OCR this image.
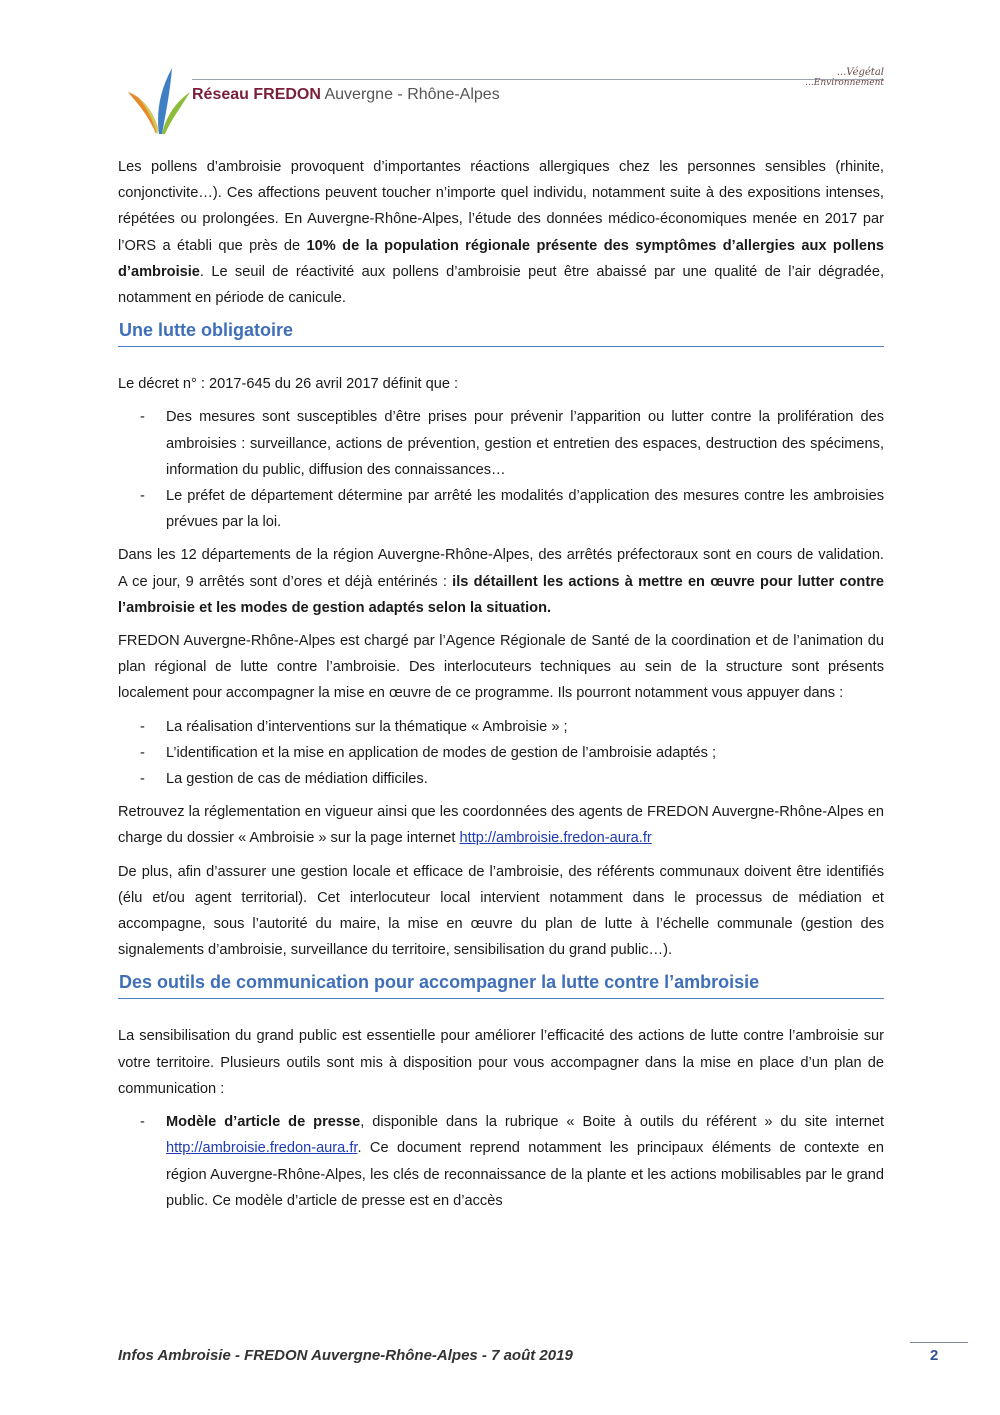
Réseau FREDON Auvergne - Rhône-Alpes
...Végétal
...Environnement

Les pollens d’ambroisie provoquent d’importantes réactions allergiques chez les personnes sensibles (rhinite, conjonctivite…). Ces affections peuvent toucher n’importe quel individu, notamment suite à des expositions intenses, répétées ou prolongées. En Auvergne-Rhône-Alpes, l’étude des données médico-économiques menée en 2017 par l’ORS a établi que près de 10% de la population régionale présente des symptômes d’allergies aux pollens d’ambroisie. Le seuil de réactivité aux pollens d’ambroisie peut être abaissé par une qualité de l’air dégradée, notamment en période de canicule.

Une lutte obligatoire

Le décret n° : 2017-645 du 26 avril 2017 définit que :

- Des mesures sont susceptibles d’être prises pour prévenir l’apparition ou lutter contre la prolifération des ambroisies : surveillance, actions de prévention, gestion et entretien des espaces, destruction des spécimens, information du public, diffusion des connaissances…
- Le préfet de département détermine par arrêté les modalités d’application des mesures contre les ambroisies prévues par la loi.

Dans les 12 départements de la région Auvergne-Rhône-Alpes, des arrêtés préfectoraux sont en cours de validation. A ce jour, 9 arrêtés sont d’ores et déjà entérinés : ils détaillent les actions à mettre en œuvre pour lutter contre l’ambroisie et les modes de gestion adaptés selon la situation.

FREDON Auvergne-Rhône-Alpes est chargé par l’Agence Régionale de Santé de la coordination et de l’animation du plan régional de lutte contre l’ambroisie. Des interlocuteurs techniques au sein de la structure sont présents localement pour accompagner la mise en œuvre de ce programme. Ils pourront notamment vous appuyer dans :

- La réalisation d’interventions sur la thématique « Ambroisie » ;
- L’identification et la mise en application de modes de gestion de l’ambroisie adaptés ;
- La gestion de cas de médiation difficiles.

Retrouvez la réglementation en vigueur ainsi que les coordonnées des agents de FREDON Auvergne-Rhône-Alpes en charge du dossier « Ambroisie » sur la page internet http://ambroisie.fredon-aura.fr

De plus, afin d’assurer une gestion locale et efficace de l’ambroisie, des référents communaux doivent être identifiés (élu et/ou agent territorial). Cet interlocuteur local intervient notamment dans le processus de médiation et accompagne, sous l’autorité du maire, la mise en œuvre du plan de lutte à l’échelle communale (gestion des signalements d’ambroisie, surveillance du territoire, sensibilisation du grand public…).

Des outils de communication pour accompagner la lutte contre l’ambroisie

La sensibilisation du grand public est essentielle pour améliorer l’efficacité des actions de lutte contre l’ambroisie sur votre territoire. Plusieurs outils sont mis à disposition pour vous accompagner dans la mise en place d’un plan de communication :

- Modèle d’article de presse, disponible dans la rubrique « Boite à outils du référent » du site internet http://ambroisie.fredon-aura.fr. Ce document reprend notamment les principaux éléments de contexte en région Auvergne-Rhône-Alpes, les clés de reconnaissance de la plante et les actions mobilisables par le grand public. Ce modèle d’article de presse est en d’accès
Infos Ambroisie - FREDON Auvergne-Rhône-Alpes - 7 août 2019	2
